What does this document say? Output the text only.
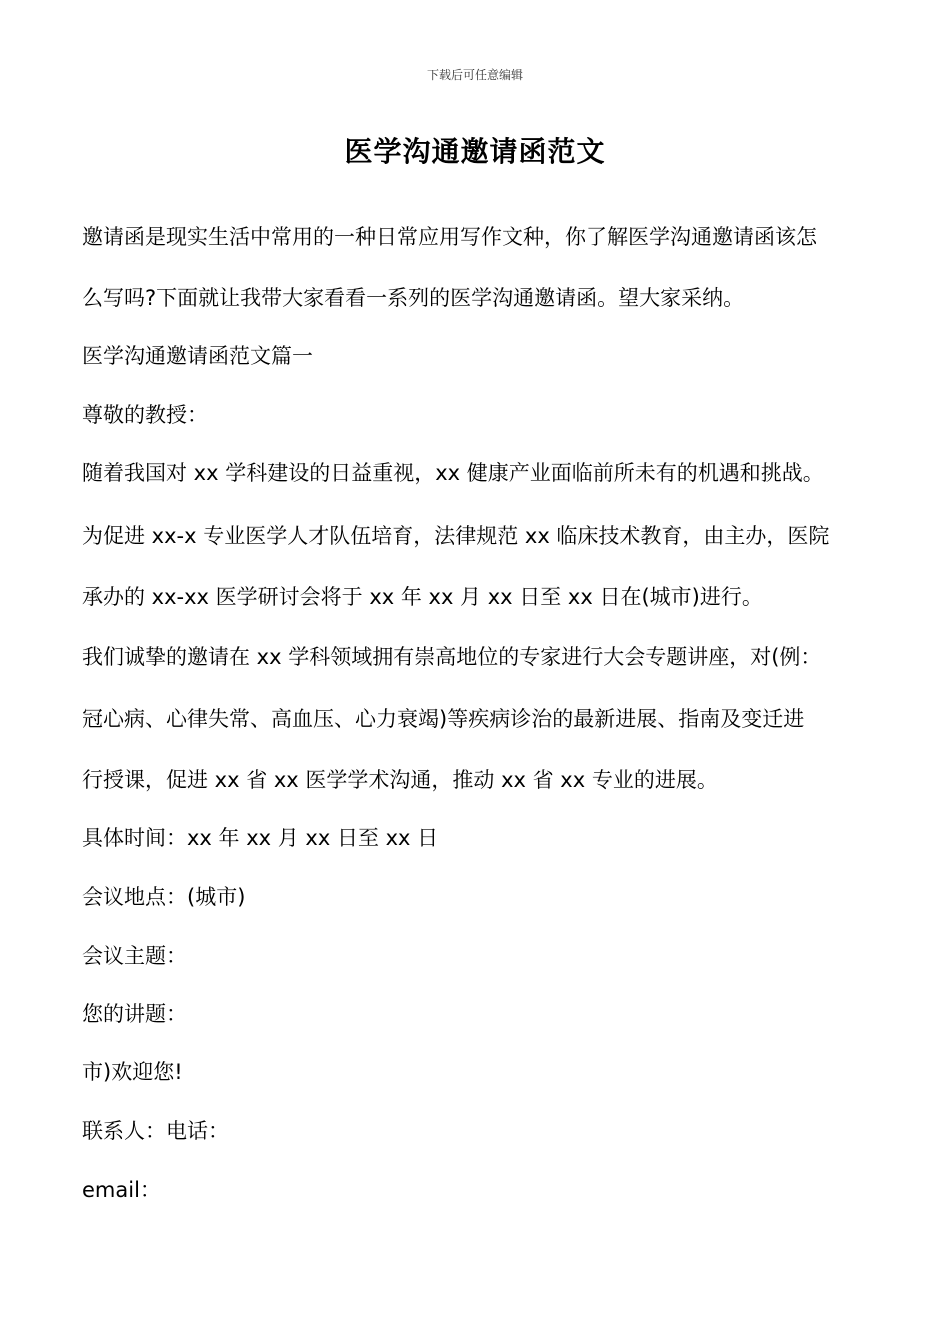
下载后可任意编辑
医学沟通邀请函范文
邀请函是现实生活中常用的一种日常应用写作文种，你了解医学沟通邀请函该怎
么写吗?下面就让我带大家看看一系列的医学沟通邀请函。望大家采纳。
医学沟通邀请函范文篇一
尊敬的教授：
随着我国对 xx 学科建设的日益重视，xx 健康产业面临前所未有的机遇和挑战。
为促进 xx-x 专业医学人才队伍培育，法律规范 xx 临床技术教育，由主办，医院
承办的 xx-xx 医学研讨会将于 xx 年 xx 月 xx 日至 xx 日在(城市)进行。
我们诚挚的邀请在 xx 学科领域拥有崇高地位的专家进行大会专题讲座，对(例：
冠心病、心律失常、高血压、心力衰竭)等疾病诊治的最新进展、指南及变迁进
行授课，促进 xx 省 xx 医学学术沟通，推动 xx 省 xx 专业的进展。
具体时间：xx 年 xx 月 xx 日至 xx 日
会议地点：(城市)
会议主题：
您的讲题：
市)欢迎您!
联系人：电话：
email：
